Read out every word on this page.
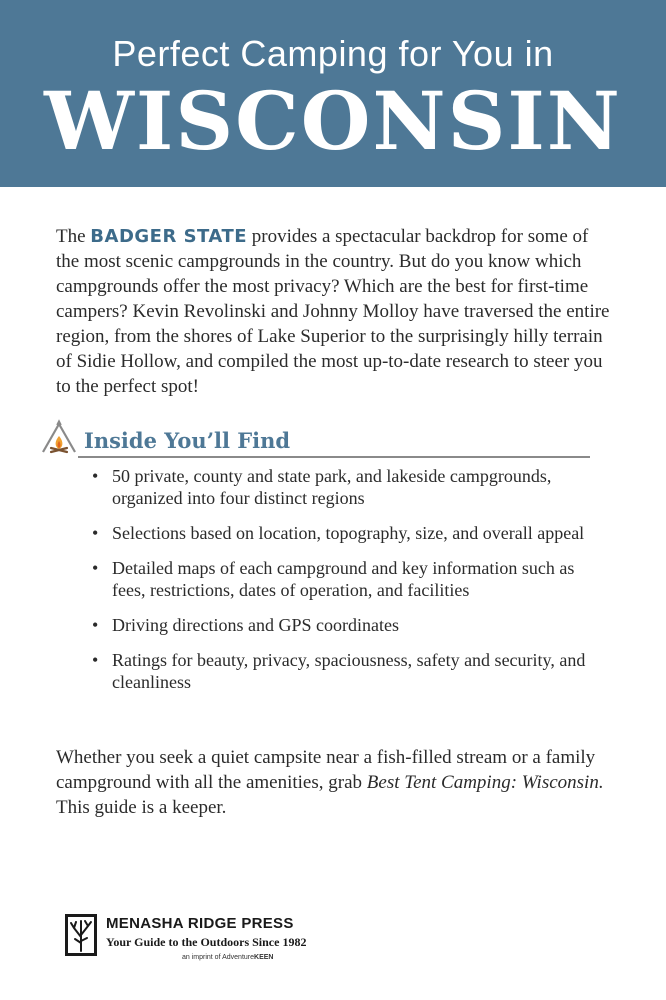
Perfect Camping for You in
WISCONSIN

The BADGER STATE provides a spectacular backdrop for some of the most scenic campgrounds in the country. But do you know which campgrounds offer the most privacy? Which are the best for first-time campers? Kevin Revolinski and Johnny Molloy have traversed the entire region, from the shores of Lake Superior to the surprisingly hilly terrain of Sidie Hollow, and compiled the most up-to-date research to steer you to the perfect spot!

Inside You’ll Find
• 50 private, county and state park, and lakeside campgrounds, organized into four distinct regions
• Selections based on location, topography, size, and overall appeal
• Detailed maps of each campground and key information such as fees, restrictions, dates of operation, and facilities
• Driving directions and GPS coordinates
• Ratings for beauty, privacy, spaciousness, safety and security, and cleanliness

Whether you seek a quiet campsite near a fish-filled stream or a family campground with all the amenities, grab Best Tent Camping: Wisconsin. This guide is a keeper.

MENASHA RIDGE PRESS
Your Guide to the Outdoors Since 1982
an imprint of AdventureKEEN
